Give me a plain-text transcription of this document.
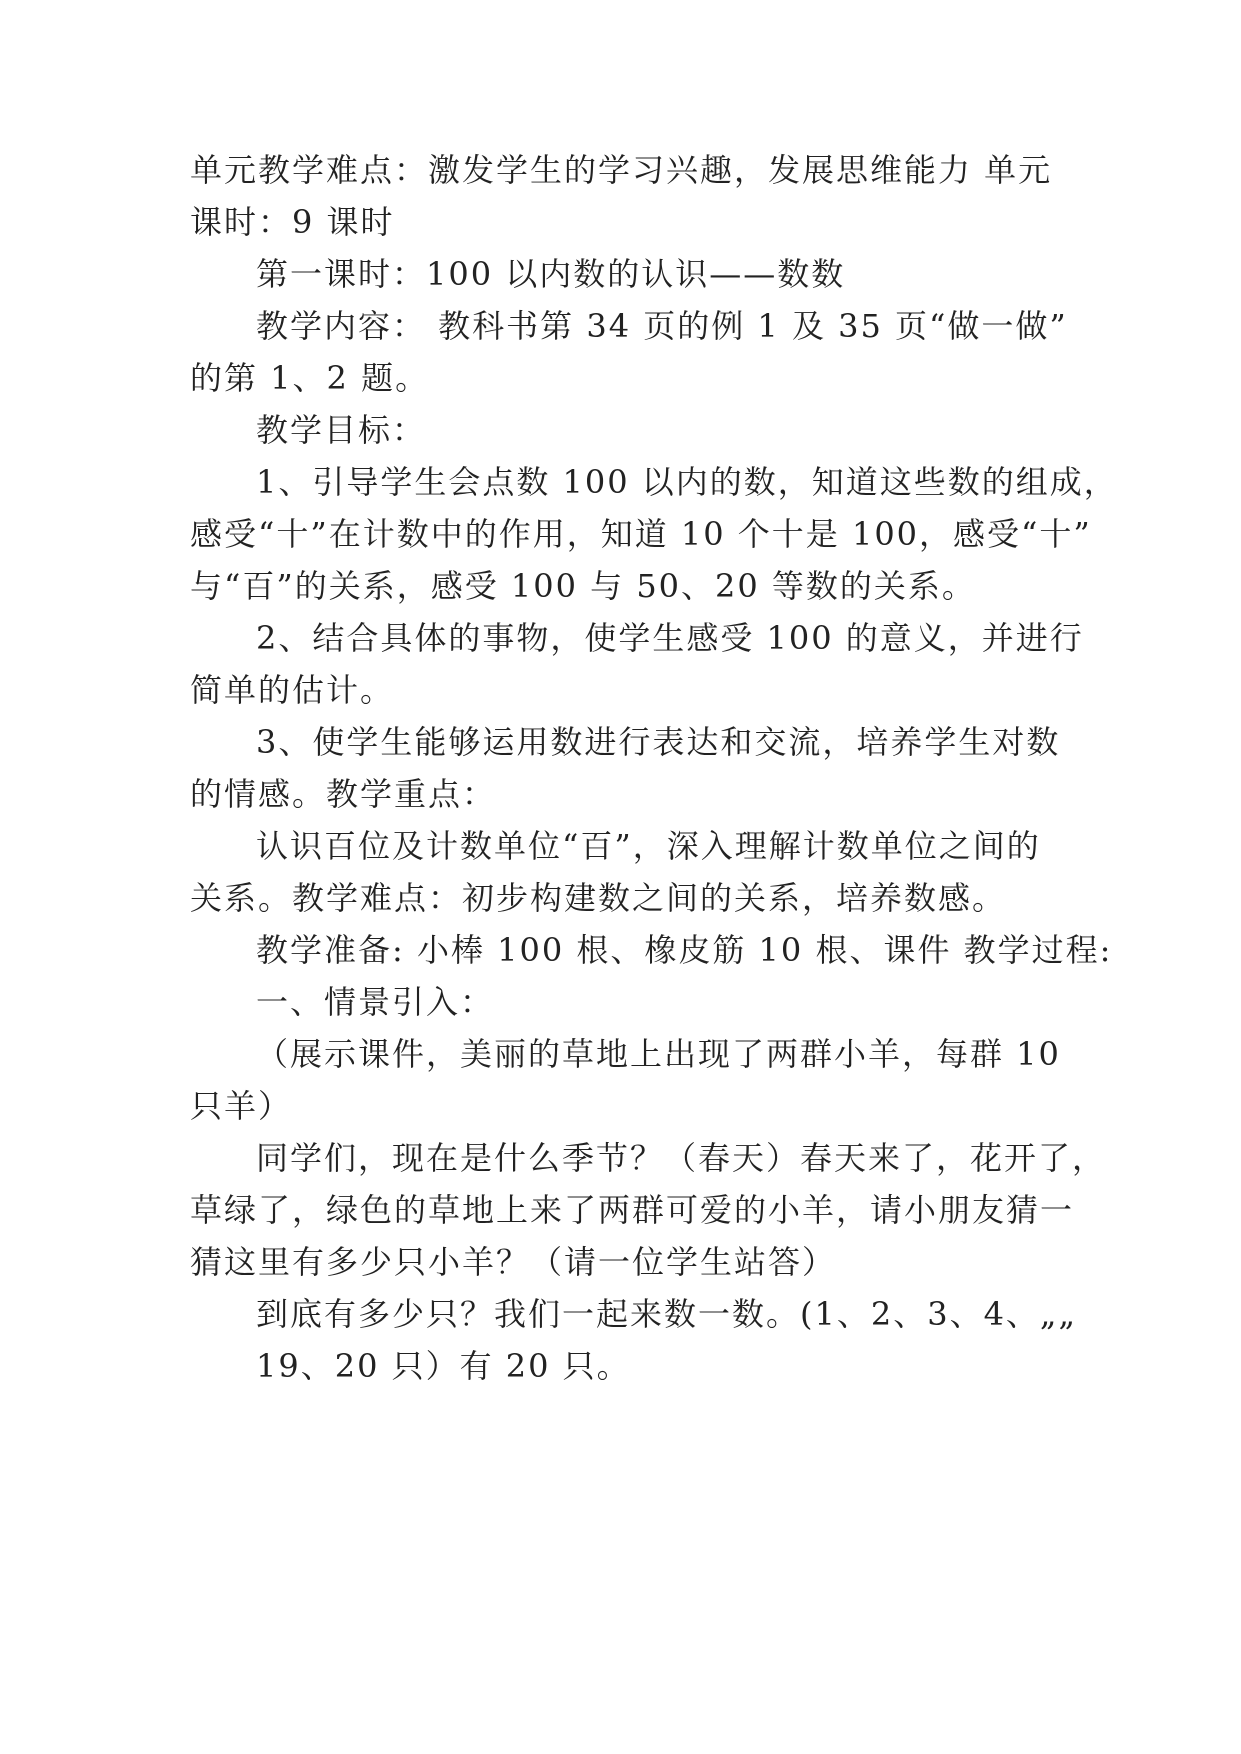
单元教学难点：激发学生的学习兴趣，发展思维能力 单元

课时：9 课时

第一课时：100 以内数的认识——数数

教学内容： 教科书第 34 页的例 1 及 35 页“做一做”

的第 1、2 题。

教学目标：

1、引导学生会点数 100 以内的数，知道这些数的组成，

感受“十”在计数中的作用，知道 10 个十是 100，感受“十”

与“百”的关系，感受 100 与 50、20 等数的关系。

2、结合具体的事物，使学生感受 100 的意义，并进行

简单的估计。

3、使学生能够运用数进行表达和交流，培养学生对数

的情感。教学重点：

认识百位及计数单位“百”，深入理解计数单位之间的

关系。教学难点：初步构建数之间的关系，培养数感。

教学准备: 小棒 100 根、橡皮筋 10 根、课件 教学过程:

一、情景引入：

（展示课件，美丽的草地上出现了两群小羊，每群 10

只羊）

同学们，现在是什么季节？（春天）春天来了，花开了，

草绿了，绿色的草地上来了两群可爱的小羊，请小朋友猜一

猜这里有多少只小羊？（请一位学生站答）

到底有多少只？我们一起来数一数。(1、2、3、4、„„

19、20 只）有 20 只。
